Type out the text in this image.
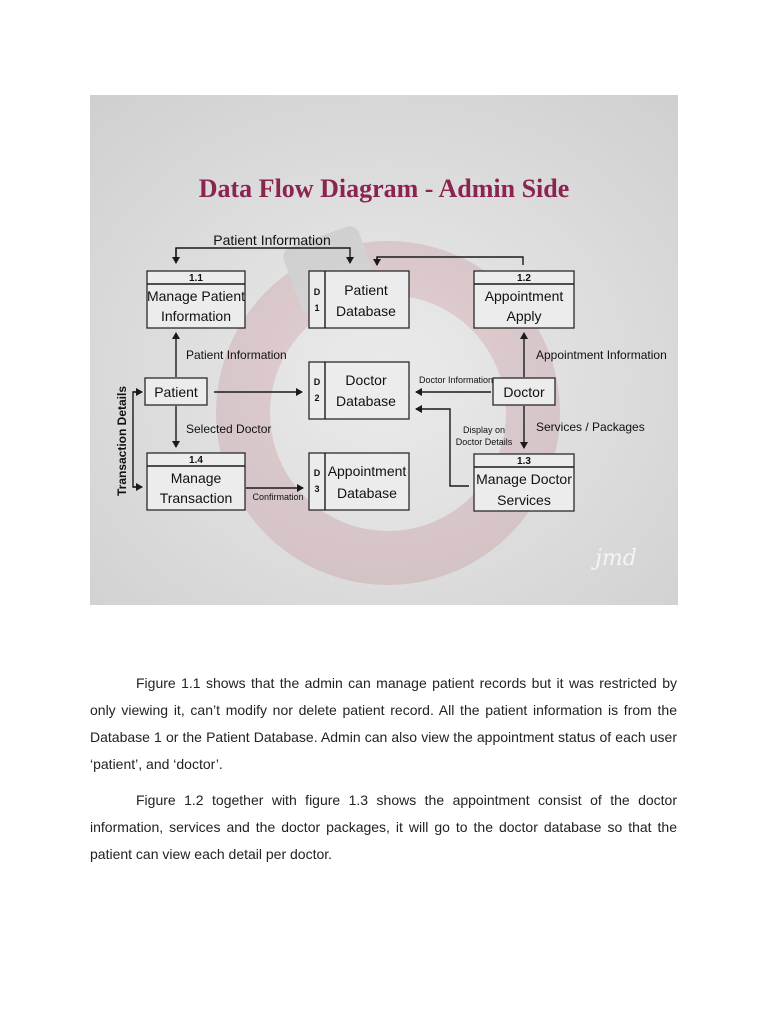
Data Flow Diagram - Admin Side
Patient Information
1.1
Manage Patient
Information
D
1
Patient
Database
1.2
Appointment
Apply
Patient
D
2
Doctor
Database
Doctor
1.4
Manage
Transaction
D
3
Appointment
Database
1.3
Manage Doctor
Services
Patient Information
Selected Doctor
Transaction Details
Confirmation
Doctor Information
Appointment Information
Services / Packages
Display on
Doctor Details
jmd

Figure 1.1 shows that the admin can manage patient records but it was restricted by only viewing it, can’t modify nor delete patient record. All the patient information is from the Database 1 or the Patient Database. Admin can also view the appointment status of each user ‘patient’, and ‘doctor’.

Figure 1.2 together with figure 1.3 shows the appointment consist of the doctor information, services and the doctor packages, it will go to the doctor database so that the patient can view each detail per doctor.
